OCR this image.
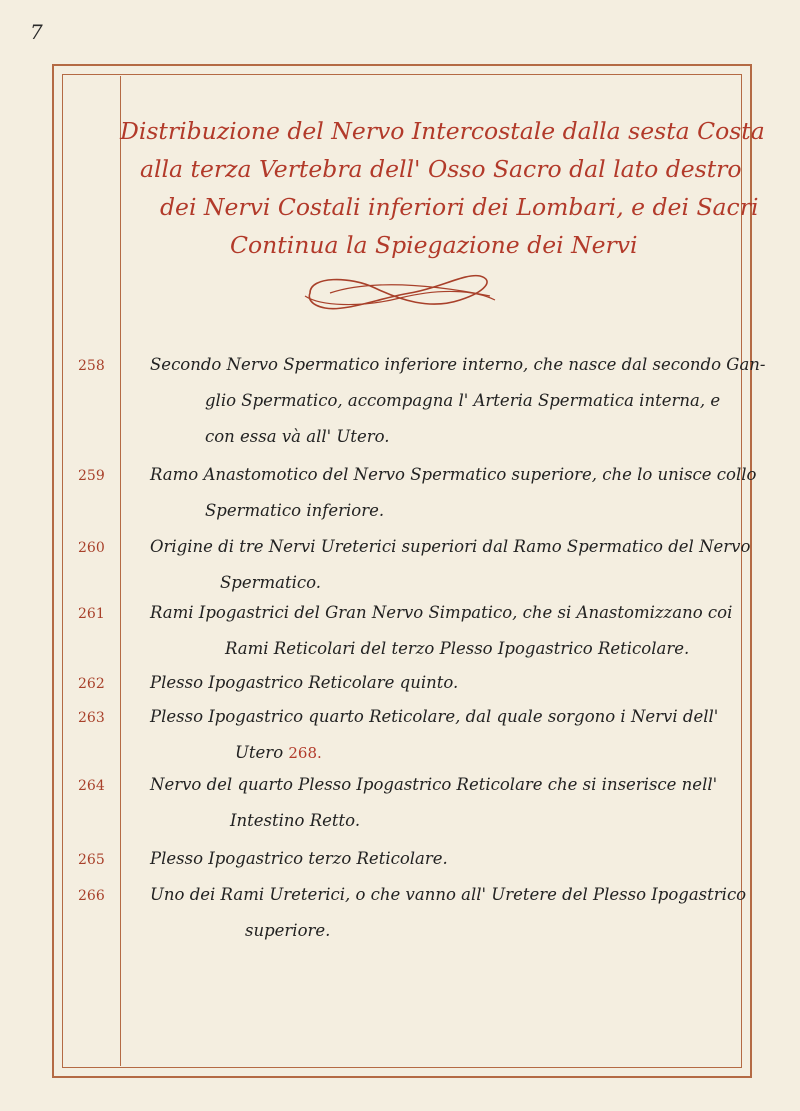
7
Distribuzione del Nervo Intercostale dalla sesta Costa
alla terza Vertebra dell' Osso Sacro dal lato destro
dei Nervi Costali inferiori dei Lombari, e dei Sacri
Continua la Spiegazione dei Nervi
258	Secondo Nervo Spermatico inferiore interno, che nasce dal secondo Gan-
glio Spermatico, accompagna l' Arteria Spermatica interna, e
con essa và all' Utero.
259	Ramo Anastomotico del Nervo Spermatico superiore, che lo unisce collo
Spermatico inferiore.
260	Origine di tre Nervi Ureterici superiori dal Ramo Spermatico del Nervo
Spermatico.
261	Rami Ipogastrici del Gran Nervo Simpatico, che si Anastomizzano coi
Rami Reticolari del terzo Plesso Ipogastrico Reticolare.
262	Plesso Ipogastrico Reticolare quinto.
263	Plesso Ipogastrico quarto Reticolare, dal quale sorgono i Nervi dell'
Utero 268.
264	Nervo del quarto Plesso Ipogastrico Reticolare che si inserisce nell'
Intestino Retto.
265	Plesso Ipogastrico terzo Reticolare.
266	Uno dei Rami Ureterici, o che vanno all' Uretere del Plesso Ipogastrico
superiore.
